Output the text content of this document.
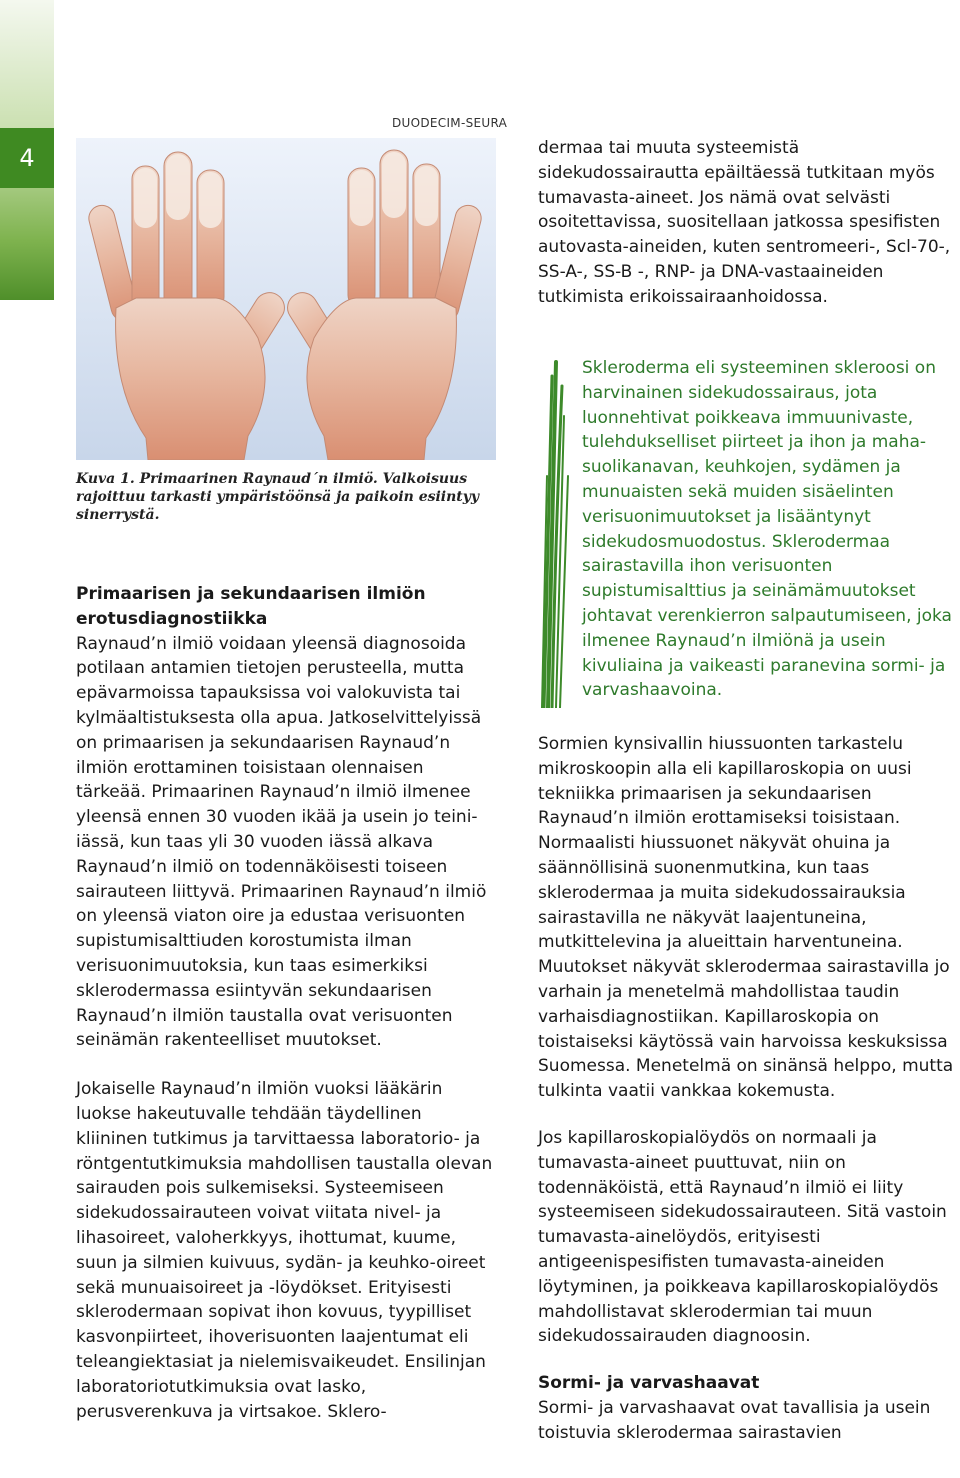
4
DUODECIM-SEURA
Kuva 1. Primaarinen Raynaud´n ilmiö. Valkoisuus rajoittuu tarkasti ympäristöönsä ja paikoin esiintyy sinerrystä.

Primaarisen ja sekundaarisen ilmiön erotusdiagnostiikka

Raynaud’n ilmiö voidaan yleensä diagnosoida potilaan antamien tietojen perusteella, mutta epävarmoissa tapauksissa voi valokuvista tai kylmäaltistuksesta olla apua. Jatkoselvittelyissä on primaarisen ja sekundaarisen Raynaud’n ilmiön erottaminen toisistaan olennaisen tärkeää. Primaarinen Raynaud’n ilmiö ilmenee yleensä ennen 30 vuoden ikää ja usein jo teini-iässä, kun taas yli 30 vuoden iässä alkava Raynaud’n ilmiö on todennäköisesti toiseen sairauteen liittyvä. Primaarinen Raynaud’n ilmiö on yleensä viaton oire ja edustaa verisuonten supistumisalttiuden korostumista ilman verisuonimuutoksia, kun taas esimerkiksi sklerodermassa esiintyvän sekundaarisen Raynaud’n ilmiön taustalla ovat verisuonten seinämän rakenteelliset muutokset.

Jokaiselle Raynaud’n ilmiön vuoksi lääkärin luokse hakeutuvalle tehdään täydellinen kliininen tutkimus ja tarvittaessa laboratorio- ja röntgentutkimuksia mahdollisen taustalla olevan sairauden pois sulkemiseksi. Systeemiseen sidekudossairauteen voivat viitata nivel- ja lihasoireet, valoherkkyys, ihottumat, kuume, suun ja silmien kuivuus, sydän- ja keuhko-oireet sekä munuaisoireet ja -löydökset. Erityisesti sklerodermaan sopivat ihon kovuus, tyypilliset kasvonpiirteet, ihoverisuonten laajentumat eli teleangiektasiat ja nielemisvaikeudet. Ensilinjan laboratoriotutkimuksia ovat lasko, perusverenkuva ja virtsakoe. Sklero-

dermaa tai muuta systeemistä sidekudossairautta epäiltäessä tutkitaan myös tumavasta-aineet. Jos nämä ovat selvästi osoitettavissa, suositellaan jatkossa spesifisten autovasta-aineiden, kuten sentromeeri-, Scl-70-, SS-A-, SS-B -, RNP- ja DNA-vastaaineiden tutkimista erikoissairaanhoidossa.

Skleroderma eli systeeminen skleroosi on harvinainen sidekudossairaus, jota luonnehtivat poikkeava immuunivaste, tulehdukselliset piirteet ja ihon ja maha-suolikanavan, keuhkojen, sydämen ja munuaisten sekä muiden sisäelinten verisuonimuutokset ja lisääntynyt sidekudosmuodostus. Sklerodermaa sairastavilla ihon verisuonten supistumisalttius ja seinämämuutokset johtavat verenkierron salpautumiseen, joka ilmenee Raynaud’n ilmiönä ja usein kivuliaina ja vaikeasti paranevina sormi- ja varvashaavoina.

Sormien kynsivallin hiussuonten tarkastelu mikroskoopin alla eli kapillaroskopia on uusi tekniikka primaarisen ja sekundaarisen Raynaud’n ilmiön erottamiseksi toisistaan. Normaalisti hiussuonet näkyvät ohuina ja säännöllisinä suonenmutkina, kun taas sklerodermaa ja muita sidekudossairauksia sairastavilla ne näkyvät laajentuneina, mutkittelevina ja alueittain harventuneina. Muutokset näkyvät sklerodermaa sairastavilla jo varhain ja menetelmä mahdollistaa taudin varhaisdiagnostiikan. Kapillaroskopia on toistaiseksi käytössä vain harvoissa keskuksissa Suomessa. Menetelmä on sinänsä helppo, mutta tulkinta vaatii vankkaa kokemusta.

Jos kapillaroskopialöydös on normaali ja tumavasta-aineet puuttuvat, niin on todennäköistä, että Raynaud’n ilmiö ei liity systeemiseen sidekudossairauteen. Sitä vastoin tumavasta-ainelöydös, erityisesti antigeenispesifisten tumavasta-aineiden löytyminen, ja poikkeava kapillaroskopialöydös mahdollistavat sklerodermian tai muun sidekudossairauden diagnoosin.

Sormi- ja varvashaavat

Sormi- ja varvashaavat ovat tavallisia ja usein toistuvia sklerodermaa sairastavien
